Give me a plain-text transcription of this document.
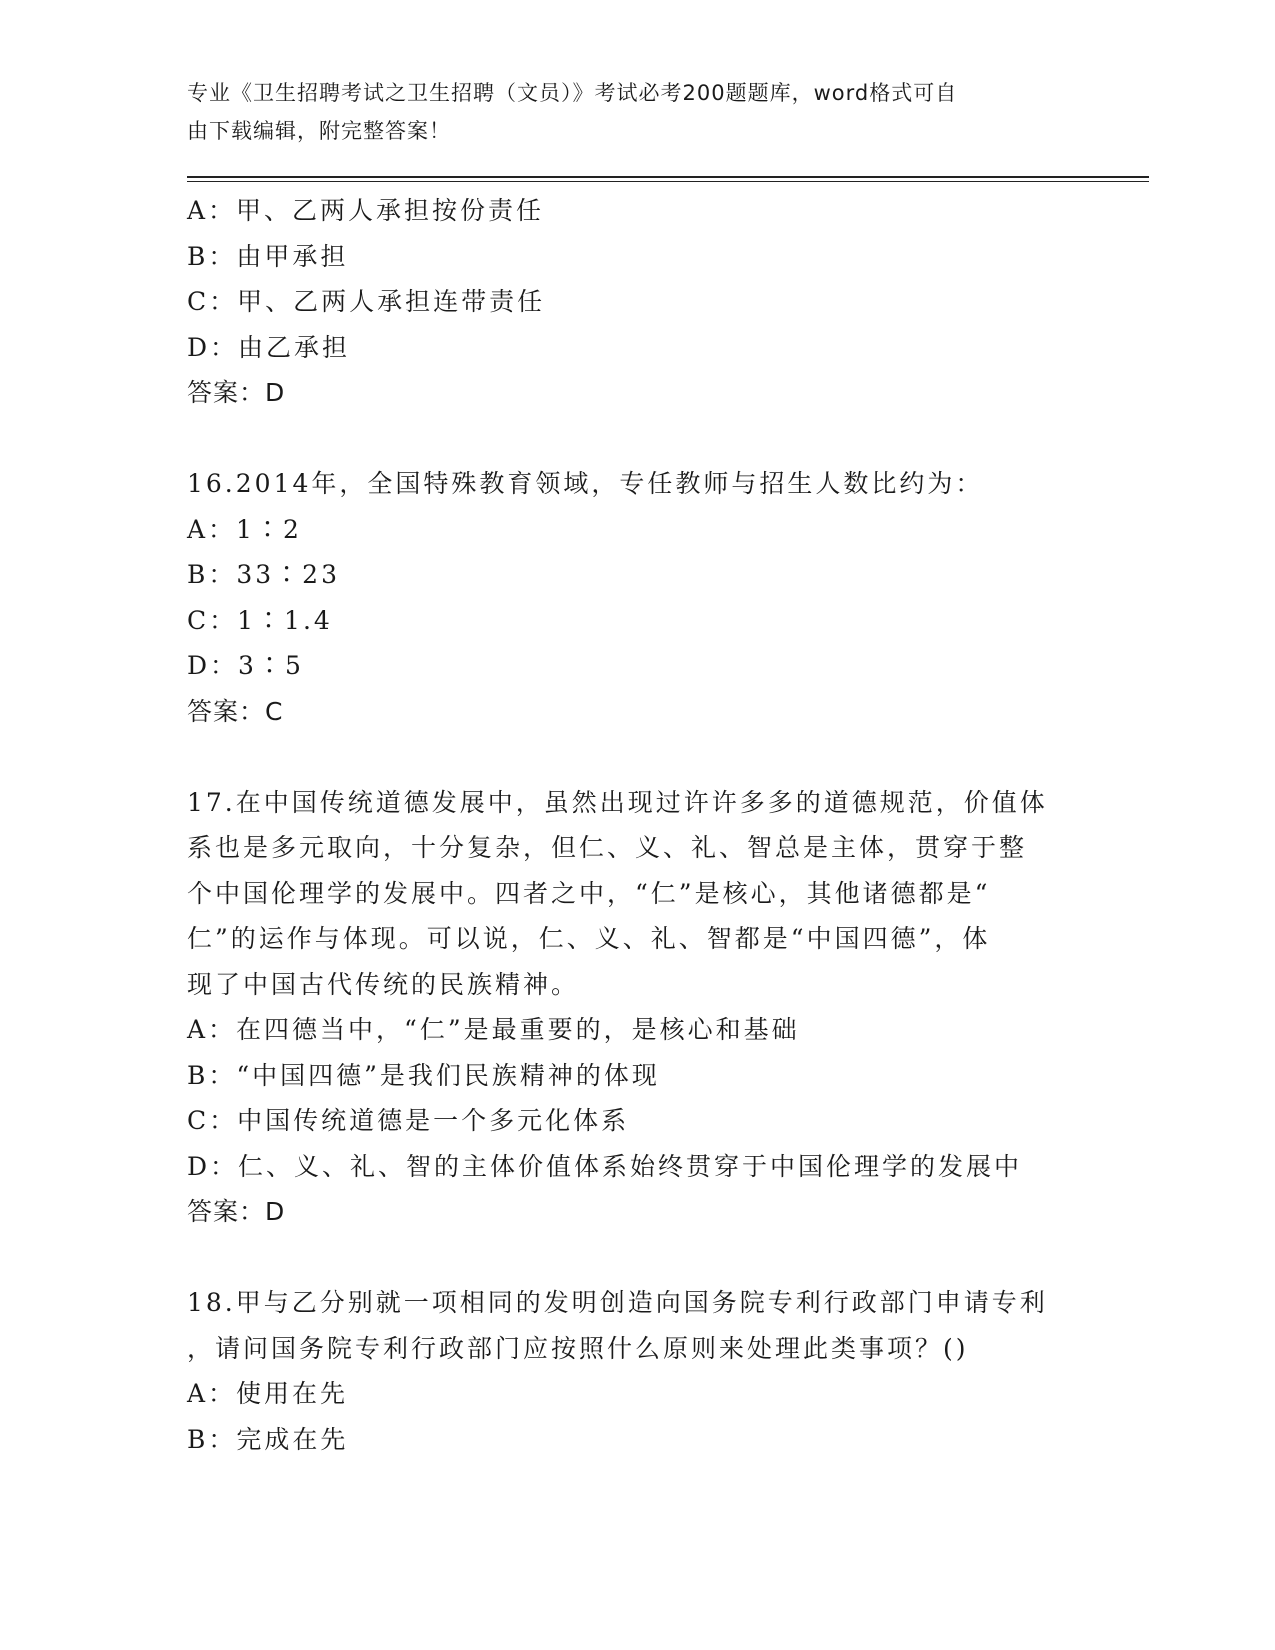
专业《卫生招聘考试之卫生招聘（文员）》考试必考200题题库，word格式可自
由下载编辑，附完整答案！
A：甲、乙两人承担按份责任
B：由甲承担
C：甲、乙两人承担连带责任
D：由乙承担
答案：D
16.2014年，全国特殊教育领域，专任教师与招生人数比约为：
A：1∶2
B：33∶23
C：1∶1.4
D：3∶5
答案：C
17.在中国传统道德发展中，虽然出现过许许多多的道德规范，价值体
系也是多元取向，十分复杂，但仁、义、礼、智总是主体，贯穿于整
个中国伦理学的发展中。四者之中，“仁”是核心，其他诸德都是“
仁”的运作与体现。可以说，仁、义、礼、智都是“中国四德”，体
现了中国古代传统的民族精神。
A：在四德当中，“仁”是最重要的，是核心和基础
B：“中国四德”是我们民族精神的体现
C：中国传统道德是一个多元化体系
D：仁、义、礼、智的主体价值体系始终贯穿于中国伦理学的发展中
答案：D
18.甲与乙分别就一项相同的发明创造向国务院专利行政部门申请专利
，请问国务院专利行政部门应按照什么原则来处理此类事项？()
A：使用在先
B：完成在先
